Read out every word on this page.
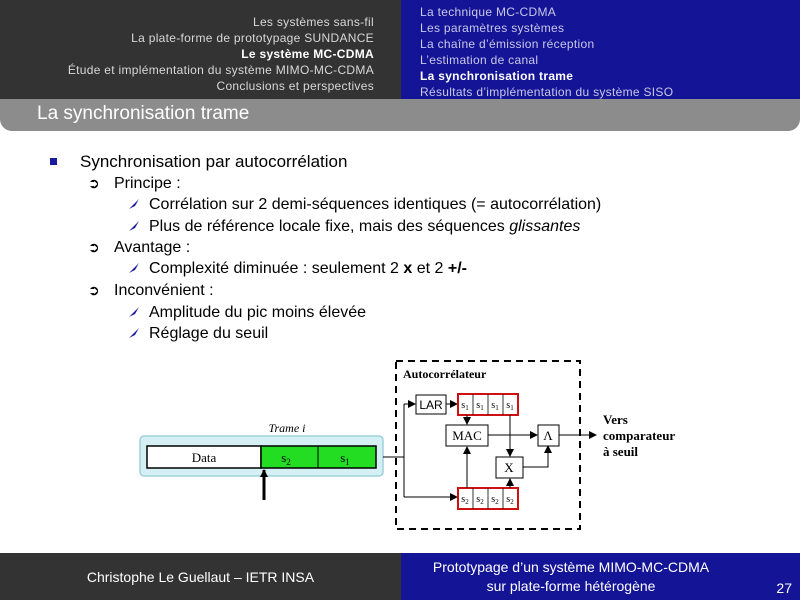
Les systèmes sans-fil
La plate-forme de prototypage SUNDANCE
Le système MC-CDMA
Étude et implémentation du système MIMO-MC-CDMA
Conclusions et perspectives
La technique MC-CDMA
Les paramètres systèmes
La chaîne d’émission réception
L’estimation de canal
La synchronisation trame
Résultats d’implémentation du système SISO
La synchronisation trame
Synchronisation par autocorrélation
➲ Principe :
Corrélation sur 2 demi-séquences identiques (= autocorrélation)
Plus de référence locale fixe, mais des séquences glissantes
➲ Avantage :
Complexité diminuée : seulement 2 x et 2 +/-
➲ Inconvénient :
Amplitude du pic moins élevée
Réglage du seuil
Trame i
Data	$s_2$	$s_1$
Autocorrélateur
LAR $s_1$ $s_1$ $s_1$ $s_1$
$s_2$ $s_2$ $s_2$ $s_2$
MAC
X
Λ
Vers
comparateur
à seuil
Christophe Le Guellaut – IETR INSA
Prototypage d’un système MIMO-MC-CDMA
sur plate-forme hétérogène	27
